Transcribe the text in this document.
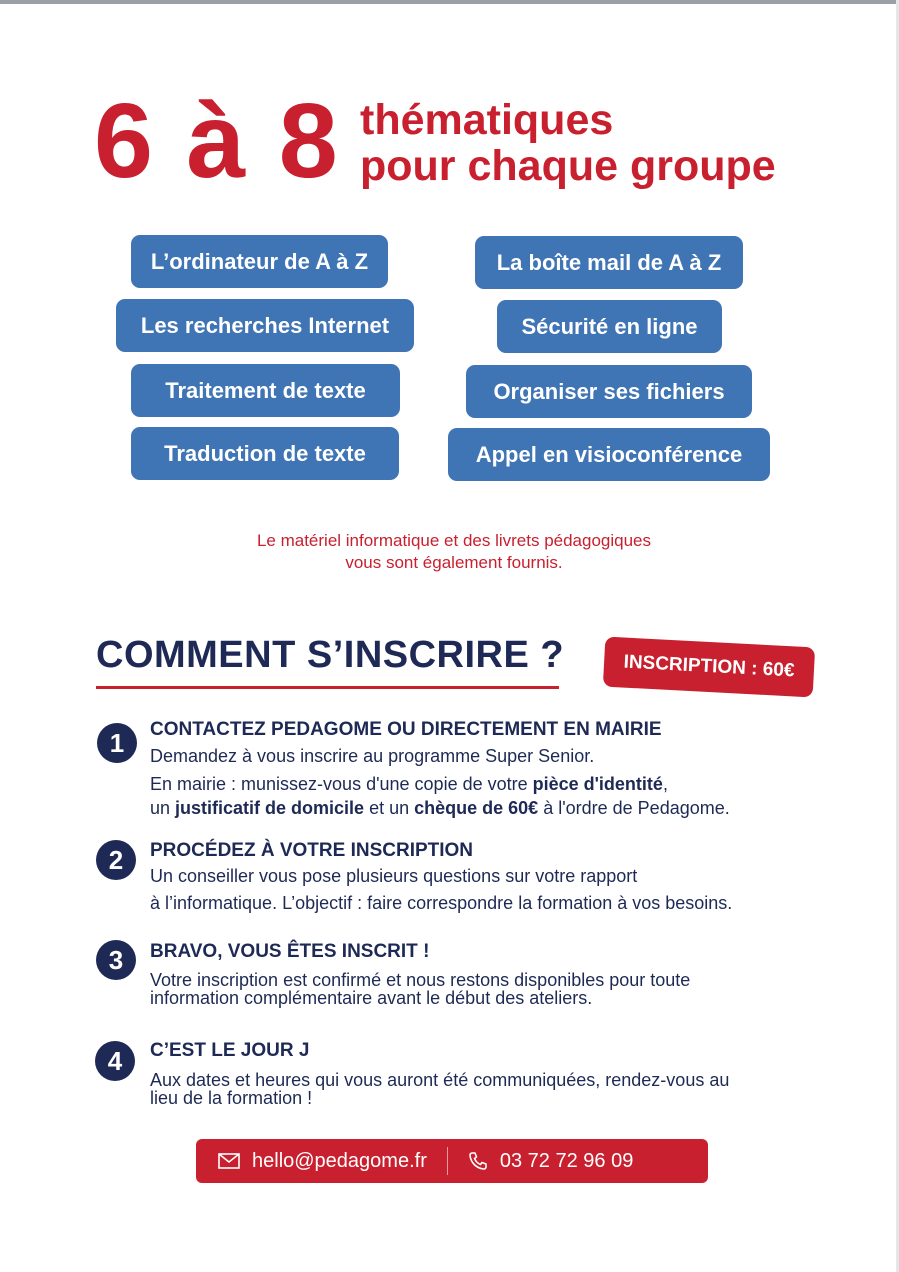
6 à 8 thématiques
pour chaque groupe
L’ordinateur de A à Z	La boîte mail de A à Z
Les recherches Internet	Sécurité en ligne
Traitement de texte	Organiser ses fichiers
Traduction de texte	Appel en visioconférence
Le matériel informatique et des livrets pédagogiques
vous sont également fournis.
COMMENT S’INSCRIRE ?	INSCRIPTION : 60€
1	CONTACTEZ PEDAGOME OU DIRECTEMENT EN MAIRIE
Demandez à vous inscrire au programme Super Senior.
En mairie : munissez-vous d'une copie de votre pièce d'identité,
un justificatif de domicile et un chèque de 60€ à l'ordre de Pedagome.
2	PROCÉDEZ À VOTRE INSCRIPTION
Un conseiller vous pose plusieurs questions sur votre rapport
à l’informatique. L’objectif : faire correspondre la formation à vos besoins.
3	BRAVO, VOUS ÊTES INSCRIT !
Votre inscription est confirmé et nous restons disponibles pour toute
information complémentaire avant le début des ateliers.
4	C’EST LE JOUR J
Aux dates et heures qui vous auront été communiquées, rendez-vous au
lieu de la formation !
hello@pedagome.fr	03 72 72 96 09
